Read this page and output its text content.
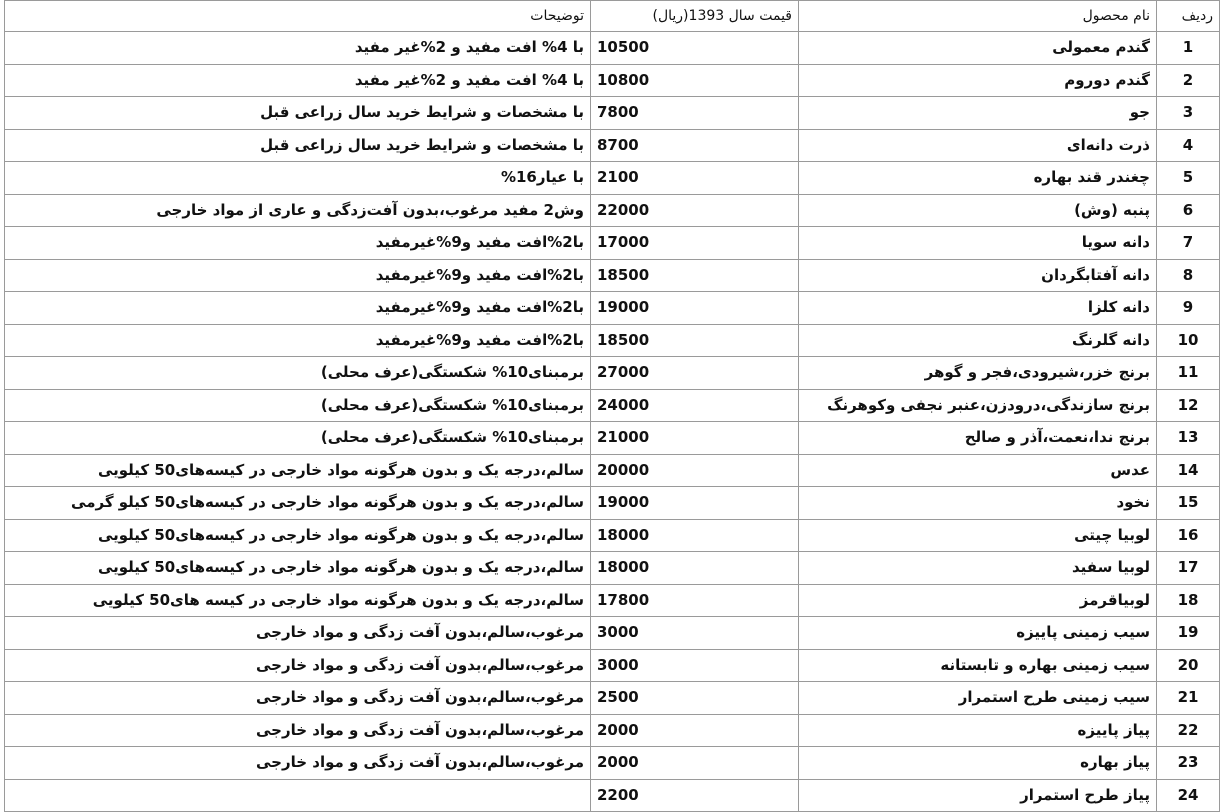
ردیف	نام محصول	قیمت سال 1393(ریال)	توضیحات
1	گندم معمولی	10500	با 4% افت مفید و 2%غیر مفید
2	گندم دوروم	10800	با 4% افت مفید و 2%غیر مفید
3	جو	7800	با مشخصات و شرایط خرید سال زراعی قبل
4	ذرت دانه‌ای	8700	با مشخصات و شرایط خرید سال زراعی قبل
5	چغندر قند بهاره	2100	با عیار16%
6	پنبه (وش)	22000	وش2 مفید مرغوب،بدون آفت‌زدگی و عاری از مواد خارجی
7	دانه سویا	17000	با2%افت مفید و9%غیرمفید
8	دانه آفتابگردان	18500	با2%افت مفید و9%غیرمفید
9	دانه کلزا	19000	با2%افت مفید و9%غیرمفید
10	دانه گلرنگ	18500	با2%افت مفید و9%غیرمفید
11	برنج خزر،شیرودی،فجر و گوهر	27000	برمبنای10% شکستگی(عرف محلی)
12	برنج سازندگی،درودزن،عنبر نجفی وکوهرنگ	24000	برمبنای10% شکستگی(عرف محلی)
13	برنج ندا،نعمت،آذر و صالح	21000	برمبنای10% شکستگی(عرف محلی)
14	عدس	20000	سالم،درجه یک و بدون هرگونه مواد خارجی در کیسه‌های50 کیلویی
15	نخود	19000	سالم،درجه یک و بدون هرگونه مواد خارجی در کیسه‌های50 کیلو گرمی
16	لوبیا چیتی	18000	سالم،درجه یک و بدون هرگونه مواد خارجی در کیسه‌های50 کیلویی
17	لوبیا سفید	18000	سالم،درجه یک و بدون هرگونه مواد خارجی در کیسه‌های50 کیلویی
18	لوبیاقرمز	17800	سالم،درجه یک و بدون هرگونه مواد خارجی در کیسه های50 کیلویی
19	سیب زمینی پاییزه	3000	مرغوب،سالم،بدون آفت زدگی و مواد خارجی
20	سیب زمینی بهاره و تابستانه	3000	مرغوب،سالم،بدون آفت زدگی و مواد خارجی
21	سیب زمینی طرح استمرار	2500	مرغوب،سالم،بدون آفت زدگی و مواد خارجی
22	پیاز پاییزه	2000	مرغوب،سالم،بدون آفت زدگی و مواد خارجی
23	پیاز بهاره	2000	مرغوب،سالم،بدون آفت زدگی و مواد خارجی
24	پیاز طرح استمرار	2200	
